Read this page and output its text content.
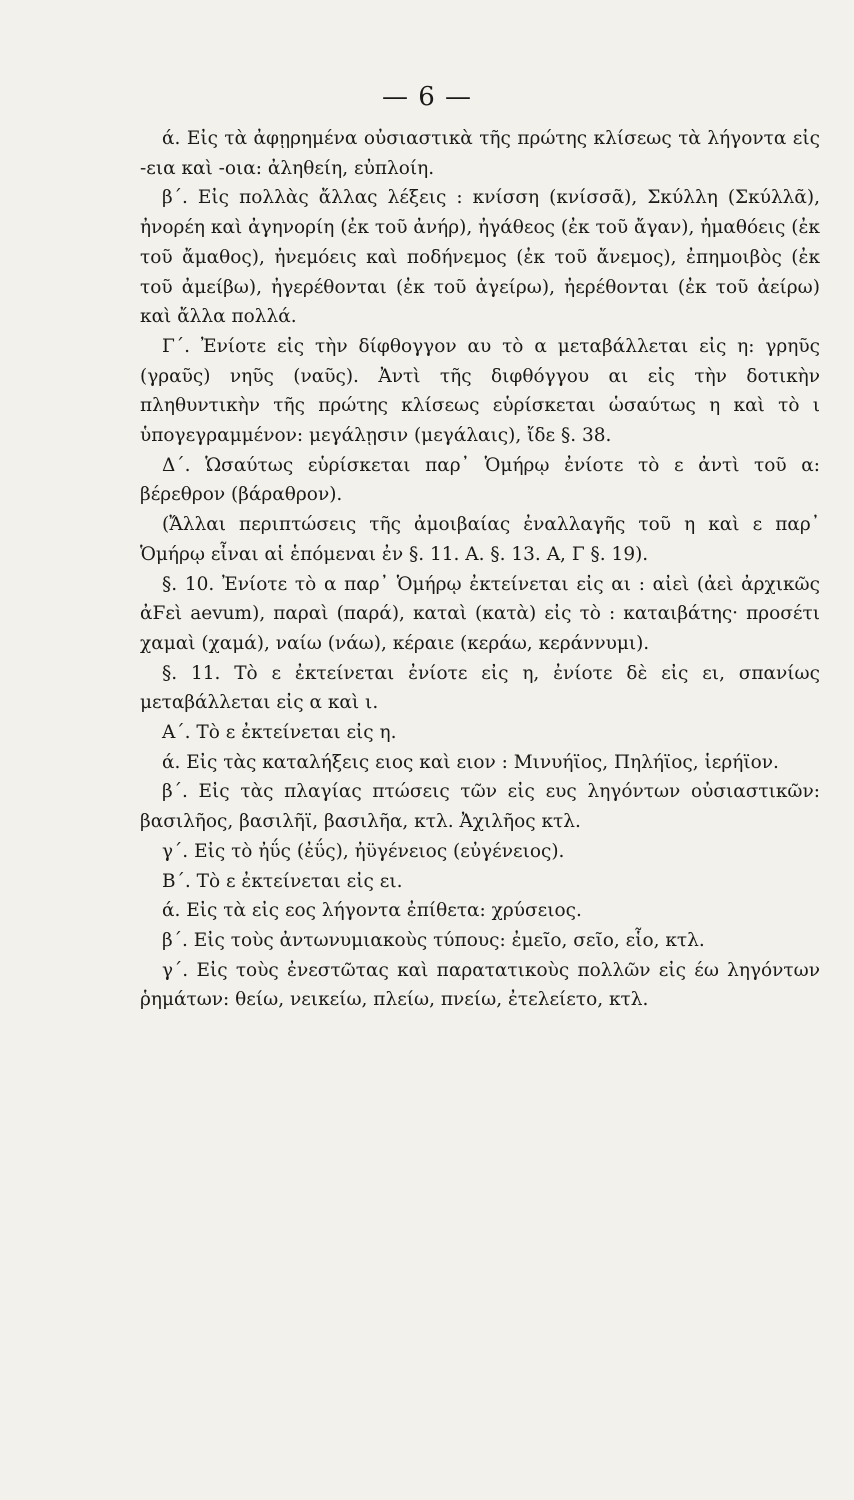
— 6 —

ά. Εἰς τὰ ἀφῃρημένα οὐσιαστικὰ τῆς πρώτης κλίσεως τὰ λήγοντα εἰς -εια καὶ -οια: ἀληθείη, εὐπλοίη.

β΄. Εἰς πολλὰς ἄλλας λέξεις : κνίσση (κνίσσᾶ), Σκύλλη (Σκύλλᾶ), ἠνορέη καὶ ἀγηνορίη (ἐκ τοῦ ἀνήρ), ἠγάθεος (ἐκ τοῦ ἄγαν), ἠμαθόεις (ἐκ τοῦ ἄμαθος), ἠνεμόεις καὶ ποδήνεμος (ἐκ τοῦ ἄνεμος), ἐπημοιβὸς (ἐκ τοῦ ἀμείβω), ἠγερέθονται (ἐκ τοῦ ἀγείρω), ἠερέθονται (ἐκ τοῦ ἀείρω) καὶ ἄλλα πολλά.

Γ΄. Ἐνίοτε εἰς τὴν δίφθογγον αυ τὸ α μεταβάλλεται εἰς η: γρηῦς (γραῦς) νηῦς (ναῦς). Ἀντὶ τῆς διφθόγγου αι εἰς τὴν δοτικὴν πληθυντικὴν τῆς πρώτης κλίσεως εὑρίσκεται ὡσαύτως η καὶ τὸ ι ὑπογεγραμμένον: μεγάλῃσιν (μεγάλαις), ἴδε §. 38.

Δ΄. Ὡσαύτως εὑρίσκεται παρ᾽ Ὁμήρῳ ἐνίοτε τὸ ε ἀντὶ τοῦ α: βέρεθρον (βάραθρον).

(Ἄλλαι περιπτώσεις τῆς ἀμοιβαίας ἐναλλαγῆς τοῦ η καὶ ε παρ᾽ Ὁμήρῳ εἶναι αἱ ἑπόμεναι ἐν §. 11. Α. §. 13. Α, Γ §. 19).

§. 10. Ἐνίοτε τὸ α παρ᾽ Ὁμήρῳ ἐκτείνεται εἰς αι : αἰεὶ (ἀεὶ ἀρχικῶς ἀϜεὶ aevum), παραὶ (παρά), καταὶ (κατὰ) εἰς τὸ : καταιβάτης· προσέτι χαμαὶ (χαμά), ναίω (νάω), κέραιε (κεράω, κεράννυμι).

§. 11. Τὸ ε ἐκτείνεται ἐνίοτε εἰς η, ἐνίοτε δὲ εἰς ει, σπανίως μεταβάλλεται εἰς α καὶ ι.

Α΄. Τὸ ε ἐκτείνεται εἰς η.

ά. Εἰς τὰς καταλήξεις ειος καὶ ειον : Μινυήϊος, Πηλήϊος, ἱερήϊον.

β΄. Εἰς τὰς πλαγίας πτώσεις τῶν εἰς ευς ληγόντων οὐσιαστικῶν: βασιλῆος, βασιλῆϊ, βασιλῆα, κτλ. Ἀχιλῆος κτλ.

γ΄. Εἰς τὸ ἠΰς (ἐΰς), ἠϋγένειος (εὐγένειος).

Β΄. Τὸ ε ἐκτείνεται εἰς ει.

ά. Εἰς τὰ εἰς εος λήγοντα ἐπίθετα: χρύσειος.

β΄. Εἰς τοὺς ἀντωνυμιακοὺς τύπους: ἐμεῖο, σεῖο, εἷο, κτλ.

γ΄. Εἰς τοὺς ἐνεστῶτας καὶ παρατατικοὺς πολλῶν εἰς έω ληγόντων ῥημάτων: θείω, νεικείω, πλείω, πνείω, ἐτελείετο, κτλ.
